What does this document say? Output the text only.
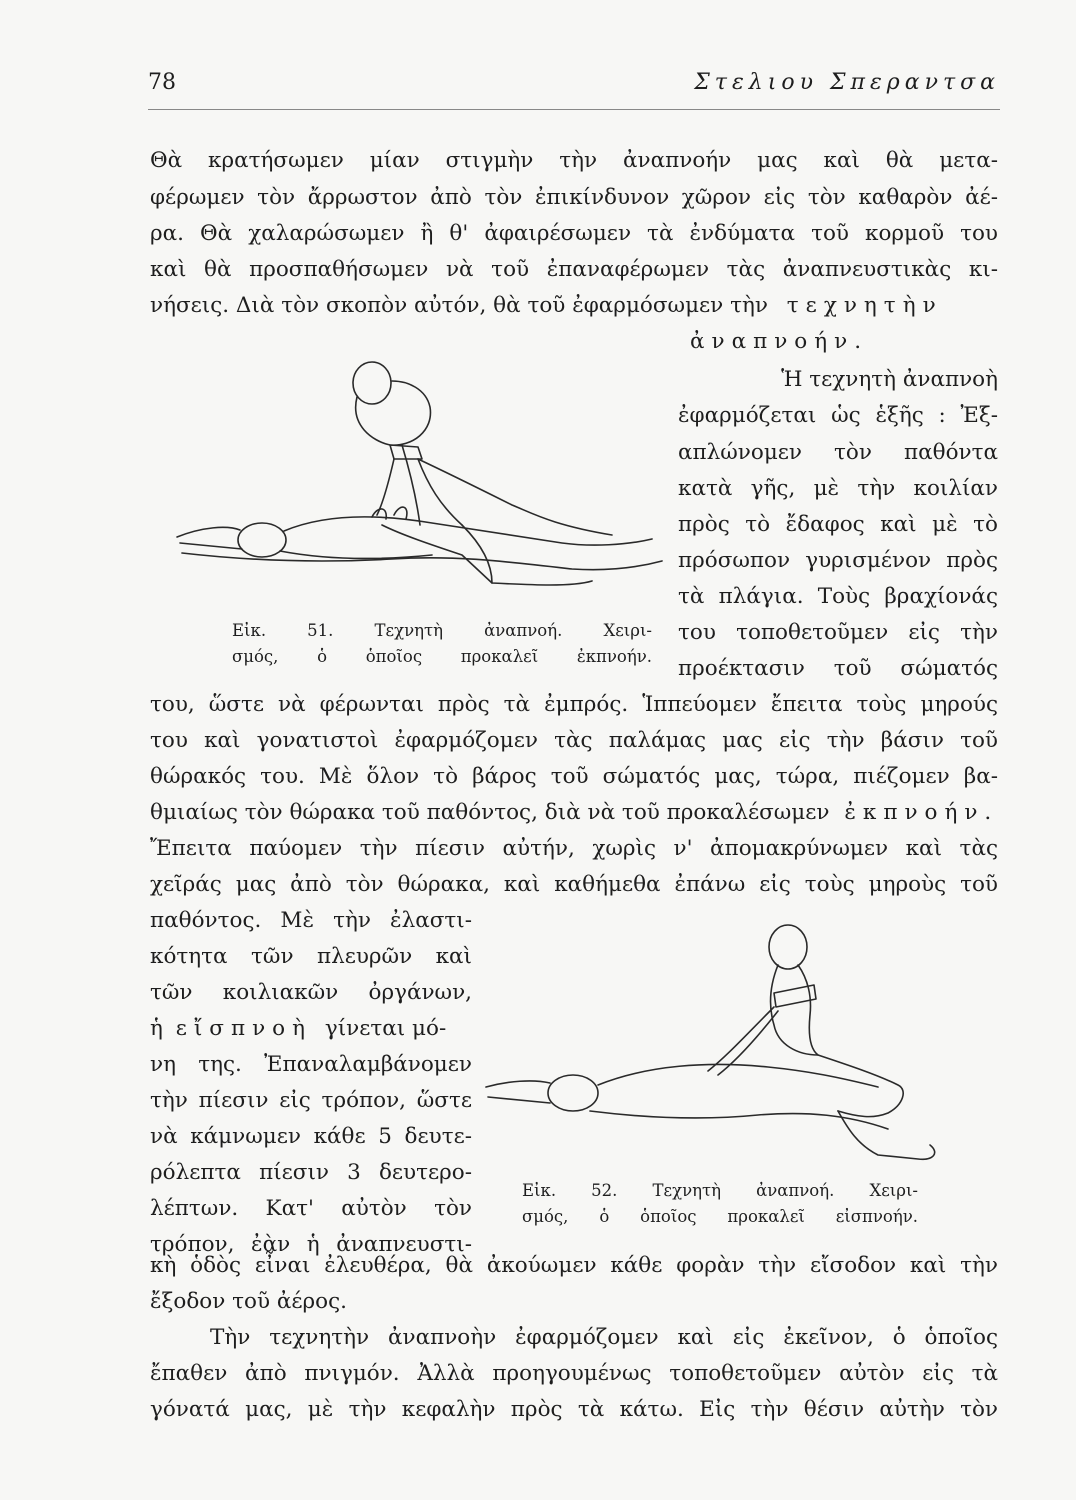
78	Στελιου Σπεραντσα
Θὰ κρατήσωμεν μίαν στιγμὴν τὴν ἀναπνοήν μας καὶ θὰ μετα-
φέρωμεν τὸν ἄρρωστον ἀπὸ τὸν ἐπικίνδυνον χῶρον εἰς τὸν καθαρὸν ἀέ-
ρα. Θὰ χαλαρώσωμεν ἢ θ' ἀφαιρέσωμεν τὰ ἐνδύματα τοῦ κορμοῦ του
καὶ θὰ προσπαθήσωμεν νὰ τοῦ ἐπαναφέρωμεν τὰς ἀναπνευστικὰς κι-
νήσεις. Διὰ τὸν σκοπὸν αὐτόν, θὰ τοῦ ἐφαρμόσωμεν τὴν τεχνητὴν
ἀναπνοήν.
Ἡ τεχνητὴ ἀναπνοὴ
ἐφαρμόζεται ὡς ἑξῆς : Ἐξ-
απλώνομεν τὸν παθόντα
κατὰ γῆς, μὲ τὴν κοιλίαν
πρὸς τὸ ἔδαφος καὶ μὲ τὸ
πρόσωπον γυρισμένον πρὸς
τὰ πλάγια. Τοὺς βραχίονάς
του τοποθετοῦμεν εἰς τὴν
προέκτασιν τοῦ σώματός
Εἰκ. 51. Τεχνητὴ ἀναπνοή. Χειρι-
σμός, ὁ ὁποῖος προκαλεῖ ἐκπνοήν.
του, ὥστε νὰ φέρωνται πρὸς τὰ ἐμπρός. Ἱππεύομεν ἔπειτα τοὺς μηρούς
του καὶ γονατιστοὶ ἐφαρμόζομεν τὰς παλάμας μας εἰς τὴν βάσιν τοῦ
θώρακός του. Μὲ ὅλον τὸ βάρος τοῦ σώματός μας, τώρα, πιέζομεν βα-
θμιαίως τὸν θώρακα τοῦ παθόντος, διὰ νὰ τοῦ προκαλέσωμεν ἐκπνοήν.
Ἔπειτα παύομεν τὴν πίεσιν αὐτήν, χωρὶς ν' ἀπομακρύνωμεν καὶ τὰς
χεῖράς μας ἀπὸ τὸν θώρακα, καὶ καθήμεθα ἐπάνω εἰς τοὺς μηροὺς τοῦ
παθόντος. Μὲ τὴν ἐλαστι-
κότητα τῶν πλευρῶν καὶ
τῶν κοιλιακῶν ὀργάνων,
ἡ εἴσπνοὴ γίνεται μό-
νη της. Ἐπαναλαμβάνομεν
τὴν πίεσιν εἰς τρόπον, ὥστε
νὰ κάμνωμεν κάθε 5 δευτε-
ρόλεπτα πίεσιν 3 δευτερο-
λέπτων. Κατ' αὐτὸν τὸν
τρόπον, ἐὰν ἡ ἀναπνευστι-
Εἰκ. 52. Τεχνητὴ ἀναπνοή. Χειρι-
σμός, ὁ ὁποῖος προκαλεῖ εἰσπνοήν.
κὴ ὁδὸς εἶναι ἐλευθέρα, θὰ ἀκούωμεν κάθε φορὰν τὴν εἴσοδον καὶ τὴν
ἔξοδον τοῦ ἀέρος.
Τὴν τεχνητὴν ἀναπνοὴν ἐφαρμόζομεν καὶ εἰς ἐκεῖνον, ὁ ὁποῖος
ἔπαθεν ἀπὸ πνιγμόν. Ἀλλὰ προηγουμένως τοποθετοῦμεν αὐτὸν εἰς τὰ
γόνατά μας, μὲ τὴν κεφαλὴν πρὸς τὰ κάτω. Εἰς τὴν θέσιν αὐτὴν τὸν
